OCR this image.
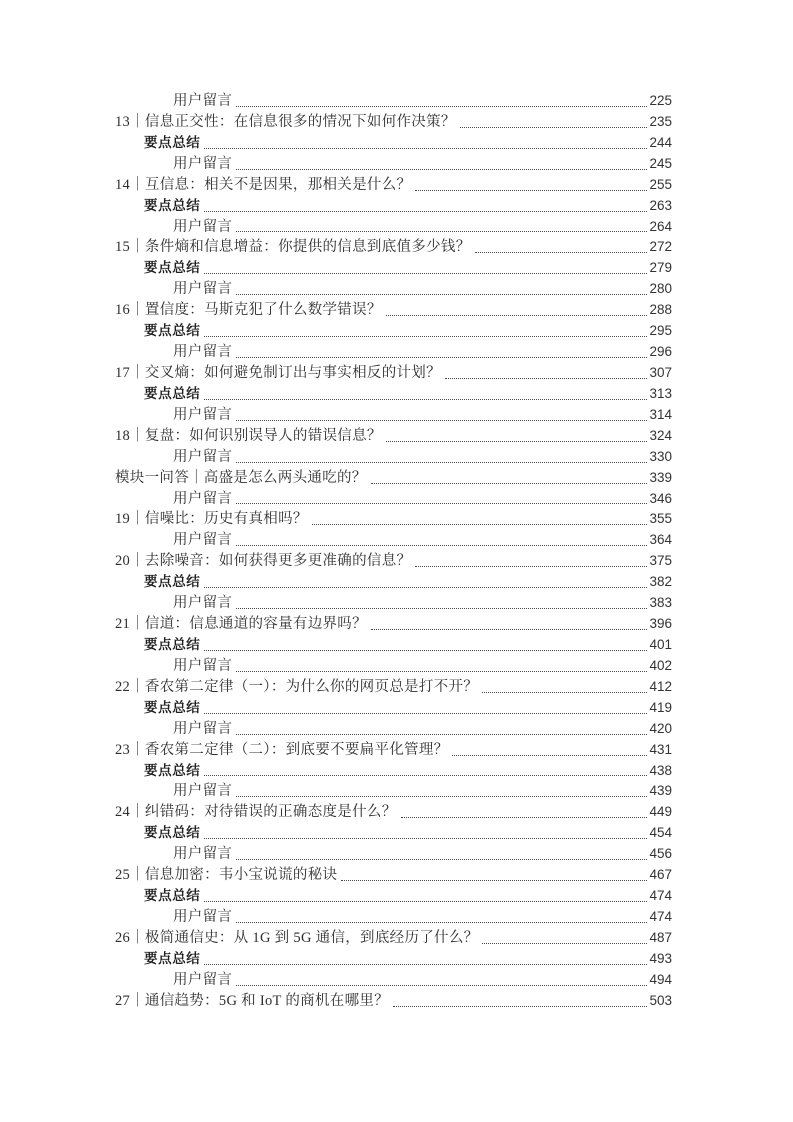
用户留言	225
13｜信息正交性：在信息很多的情况下如何作决策？	235
要点总结	244
用户留言	245
14｜互信息：相关不是因果，那相关是什么？	255
要点总结	263
用户留言	264
15｜条件熵和信息增益：你提供的信息到底值多少钱？	272
要点总结	279
用户留言	280
16｜置信度：马斯克犯了什么数学错误？	288
要点总结	295
用户留言	296
17｜交叉熵：如何避免制订出与事实相反的计划？	307
要点总结	313
用户留言	314
18｜复盘：如何识别误导人的错误信息？	324
用户留言	330
模块一问答｜高盛是怎么两头通吃的？	339
用户留言	346
19｜信噪比：历史有真相吗？	355
用户留言	364
20｜去除噪音：如何获得更多更准确的信息？	375
要点总结	382
用户留言	383
21｜信道：信息通道的容量有边界吗？	396
要点总结	401
用户留言	402
22｜香农第二定律（一）：为什么你的网页总是打不开？	412
要点总结	419
用户留言	420
23｜香农第二定律（二）：到底要不要扁平化管理？	431
要点总结	438
用户留言	439
24｜纠错码：对待错误的正确态度是什么？	449
要点总结	454
用户留言	456
25｜信息加密：韦小宝说谎的秘诀	467
要点总结	474
用户留言	474
26｜极简通信史：从 1G 到 5G 通信，到底经历了什么？	487
要点总结	493
用户留言	494
27｜通信趋势：5G 和 IoT 的商机在哪里？	503
